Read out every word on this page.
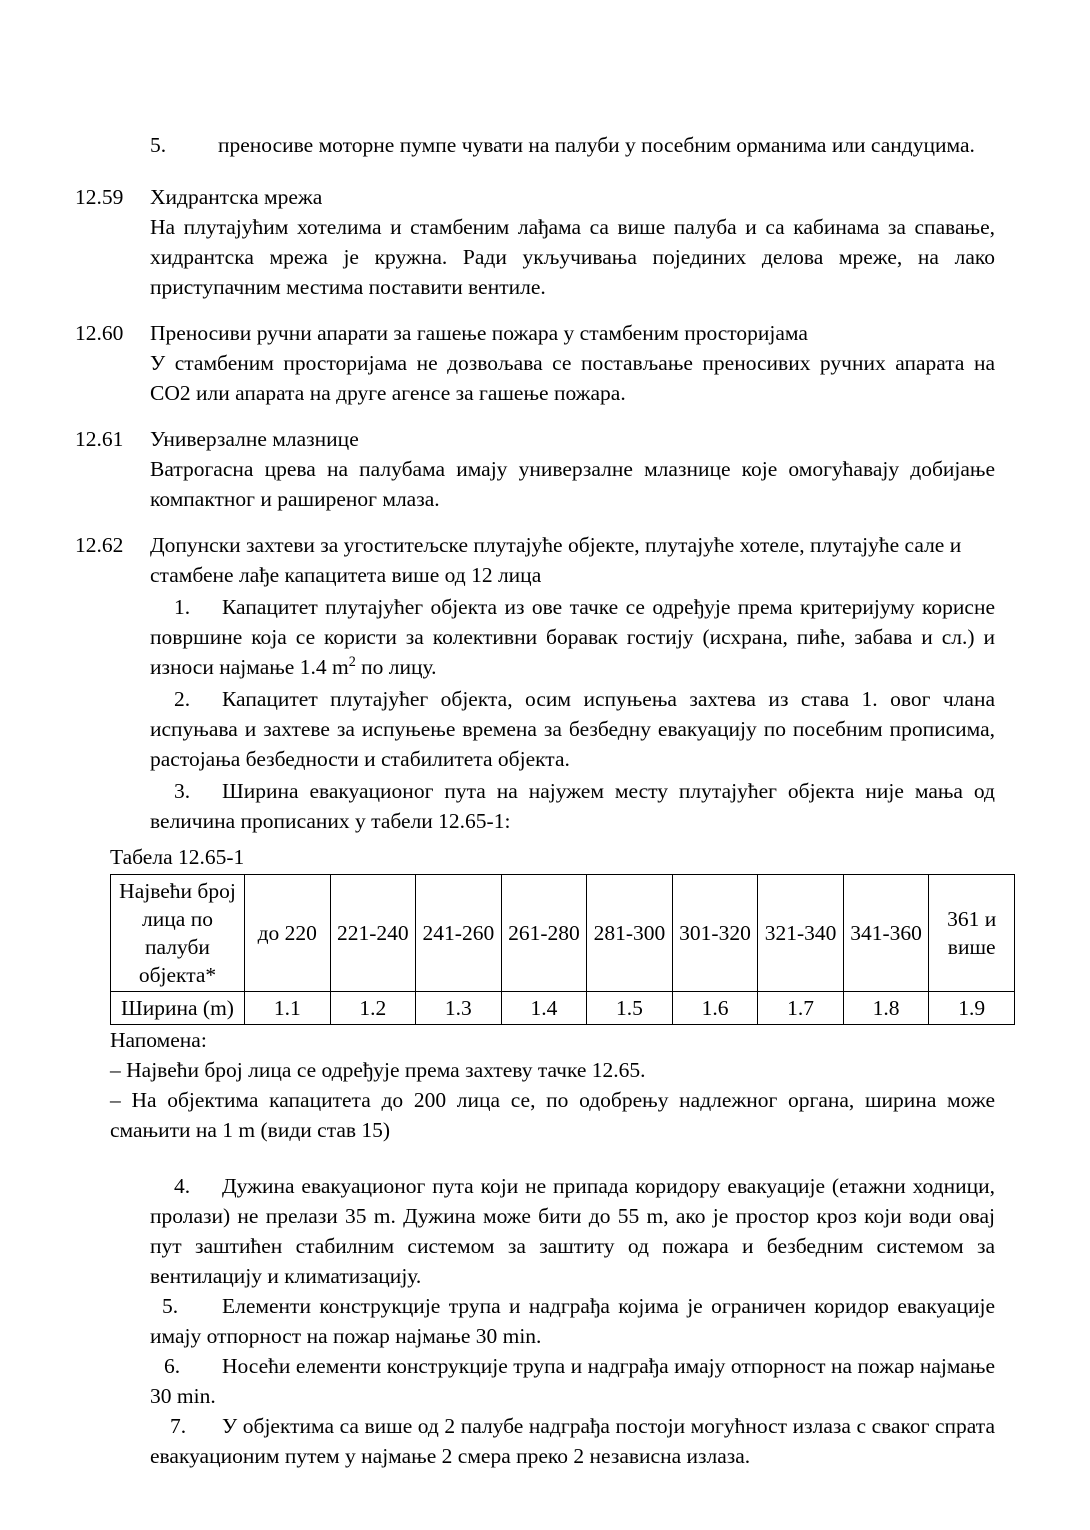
5. преносиве моторне пумпе чувати на палуби у посебним орманима или сандуцима.
12.59	Хидрантска мрежа

На плутајућим хотелима и стамбеним лађама са више палуба и са кабинама за спавање, хидрантска мрежа је кружна. Ради укључивања појединих делова мреже, на лако приступачним местима поставити вентиле.

12.60	Преносиви ручни апарати за гашење пожара у стамбеним просторијама

У стамбеним просторијама не дозвољава се постављање преносивих ручних апарата на CO2 или апарата на друге агенсе за гашење пожара.

12.61	Универзалне млазнице

Ватрогасна црева на палубама имају универзалне млазнице које омогућавају добијање компактног и раширеног млаза.

12.62	Допунски захтеви за угоститељске плутајуће објекте, плутајуће хотеле, плутајуће сале и стамбене лађе капацитета више од 12 лица

1. Капацитет плутајућег објекта из ове тачке се одређује према критеријуму корисне површине која се користи за колективни боравак гостију (исхрана, пиће, забава и сл.) и износи најмање 1.4 $m^2$ по лицу.

2. Капацитет плутајућег објекта, осим испуњења захтева из става 1. овог члана испуњава и захтеве за испуњење времена за безбедну евакуацију по посебним прописима, растојања безбедности и стабилитета објекта.

3. Ширина евакуационог пута на најужем месту плутајућег објекта није мања од величина прописаних у табели 12.65-1:

Табела 12.65-1

Највећи број лица по палуби објекта*	до 220	221-240	241-260	261-280	281-300	301-320	321-340	341-360	361 и више
Ширина (m)	1.1	1.2	1.3	1.4	1.5	1.6	1.7	1.8	1.9
Напомена:
– Највећи број лица се одређује према захтеву тачке 12.65.
– На објектима капацитета до 200 лица се, по одобрењу надлежног органа, ширина може смањити на 1 m (види став 15)

4. Дужина евакуационог пута који не припада коридору евакуације (етажни ходници, пролази) не прелази 35 m. Дужина може бити до 55 m, ако је простор кроз који води овај пут заштићен стабилним системом за заштиту од пожара и безбедним системом за вентилацију и климатизацију.

5. Елементи конструкције трупа и надграђа којима је ограничен коридор евакуације имају отпорност на пожар најмање 30 min.

6. Носећи елементи конструкције трупа и надграђа имају отпорност на пожар најмање 30 min.

7. У објектима са више од 2 палубе надграђа постоји могућност излаза с сваког спрата евакуационим путем у најмање 2 смера преко 2 независна излаза.
